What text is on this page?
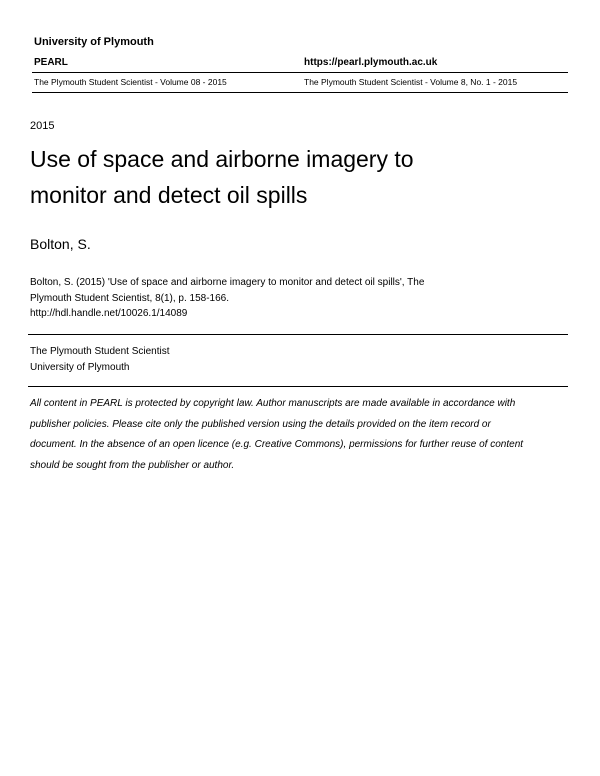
University of Plymouth
PEARL	https://pearl.plymouth.ac.uk
The Plymouth Student Scientist - Volume 08 - 2015	The Plymouth Student Scientist - Volume 8, No. 1 - 2015
2015
Use of space and airborne imagery to
monitor and detect oil spills
Bolton, S.
Bolton, S. (2015) 'Use of space and airborne imagery to monitor and detect oil spills', The
Plymouth Student Scientist, 8(1), p. 158-166.
http://hdl.handle.net/10026.1/14089
The Plymouth Student Scientist
University of Plymouth
All content in PEARL is protected by copyright law. Author manuscripts are made available in accordance with
publisher policies. Please cite only the published version using the details provided on the item record or
document. In the absence of an open licence (e.g. Creative Commons), permissions for further reuse of content
should be sought from the publisher or author.
